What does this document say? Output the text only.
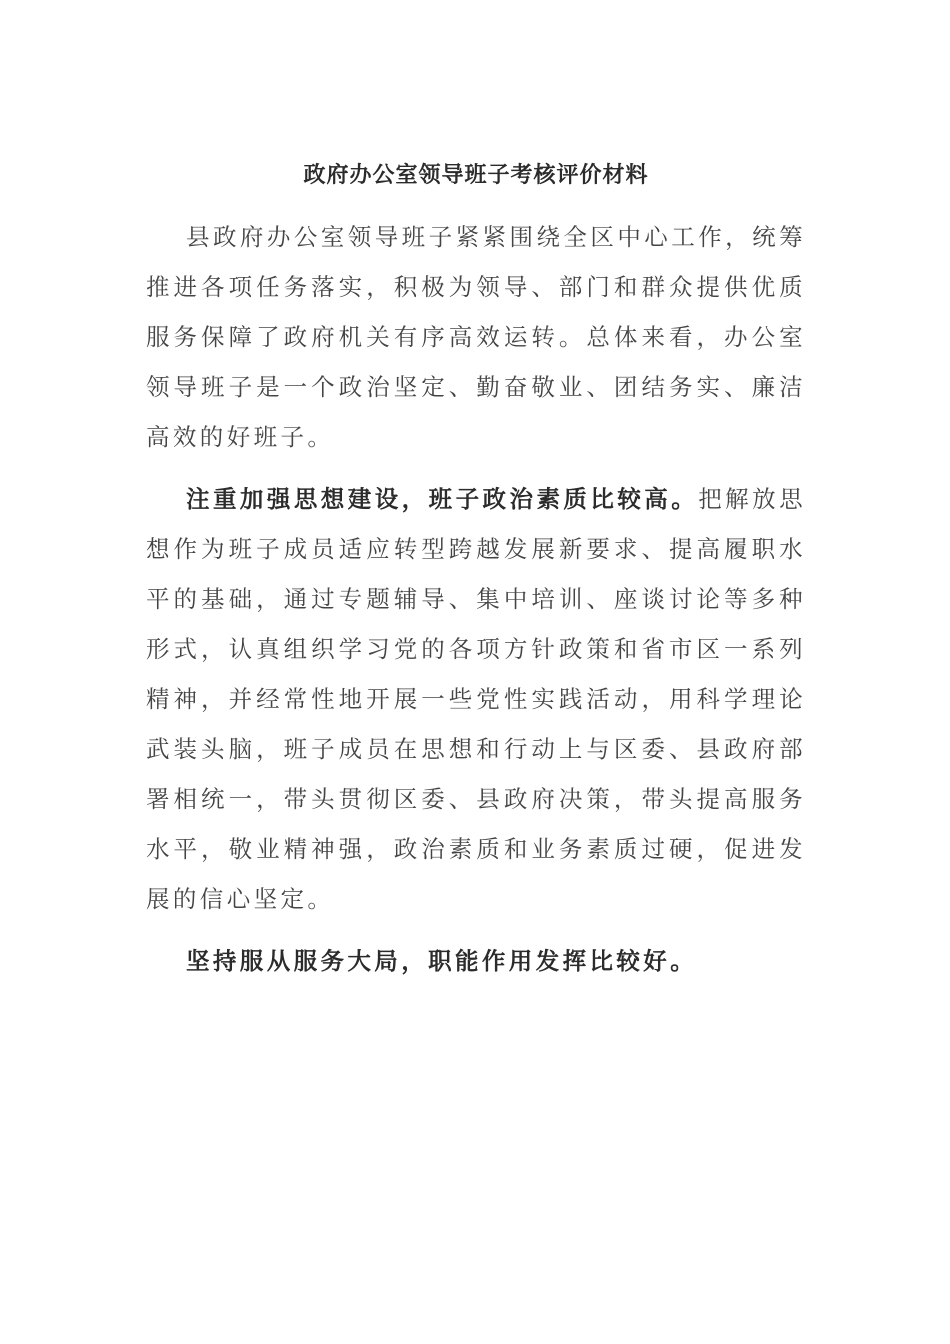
政府办公室领导班子考核评价材料

县政府办公室领导班子紧紧围绕全区中心工作，统筹推进各项任务落实，积极为领导、部门和群众提供优质服务保障了政府机关有序高效运转。总体来看，办公室领导班子是一个政治坚定、勤奋敬业、团结务实、廉洁高效的好班子。

注重加强思想建设，班子政治素质比较高。把解放思想作为班子成员适应转型跨越发展新要求、提高履职水平的基础，通过专题辅导、集中培训、座谈讨论等多种形式，认真组织学习党的各项方针政策和省市区一系列精神，并经常性地开展一些党性实践活动，用科学理论武装头脑，班子成员在思想和行动上与区委、县政府部署相统一，带头贯彻区委、县政府决策，带头提高服务水平，敬业精神强，政治素质和业务素质过硬，促进发展的信心坚定。

坚持服从服务大局，职能作用发挥比较好。
